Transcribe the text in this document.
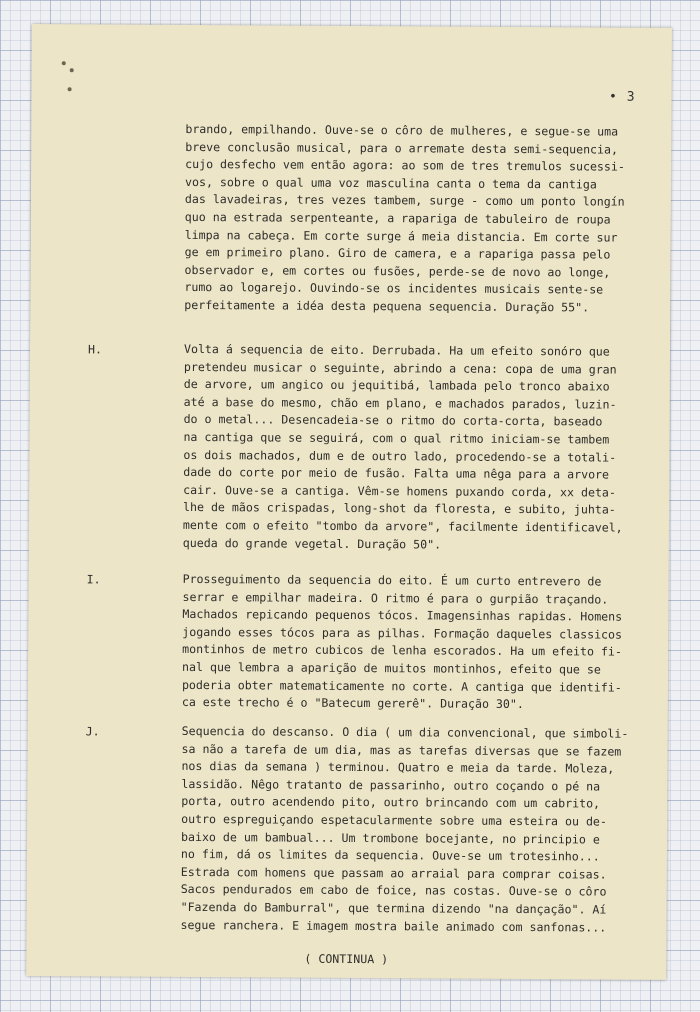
• 3
brando, empilhando. Ouve-se o côro de mulheres, e segue-se uma
breve conclusão musical, para o arremate desta semi-sequencia,
cujo desfecho vem então agora: ao som de tres tremulos sucessi-
vos, sobre o qual uma voz masculina canta o tema da cantiga
das lavadeiras, tres vezes tambem, surge - como um ponto longín
quo na estrada serpenteante, a rapariga de tabuleiro de roupa
limpa na cabeça. Em corte surge á meia distancia. Em corte sur
ge em primeiro plano. Giro de camera, e a rapariga passa pelo
observador e, em cortes ou fusões, perde-se de novo ao longe,
rumo ao logarejo. Ouvindo-se os incidentes musicais sente-se
perfeitamente a idéa desta pequena sequencia. Duração 55".
H.	Volta á sequencia de eito. Derrubada. Ha um efeito sonóro que
pretendeu musicar o seguinte, abrindo a cena: copa de uma gran
de arvore, um angico ou jequitibá, lambada pelo tronco abaixo
até a base do mesmo, chão em plano, e machados parados, luzin-
do o metal... Desencadeia-se o ritmo do corta-corta, baseado
na cantiga que se seguirá, com o qual ritmo iniciam-se tambem
os dois machados, dum e de outro lado, procedendo-se a totali-
dade do corte por meio de fusão. Falta uma nêga para a arvore
cair. Ouve-se a cantiga. Vêm-se homens puxando corda, xx deta-
lhe de mãos crispadas, long-shot da floresta, e subito, juhta-
mente com o efeito "tombo da arvore", facilmente identificavel,
queda do grande vegetal. Duração 50".
I.	Prosseguimento da sequencia do eito. É um curto entrevero de
serrar e empilhar madeira. O ritmo é para o gurpião traçando.
Machados repicando pequenos tócos. Imagensinhas rapidas. Homens
jogando esses tócos para as pilhas. Formação daqueles classicos
montinhos de metro cubicos de lenha escorados. Ha um efeito fi-
nal que lembra a aparição de muitos montinhos, efeito que se
poderia obter matematicamente no corte. A cantiga que identifi-
ca este trecho é o "Batecum gererê". Duração 30".
J.	Sequencia do descanso. O dia ( um dia convencional, que simboli-
sa não a tarefa de um dia, mas as tarefas diversas que se fazem
nos dias da semana ) terminou. Quatro e meia da tarde. Moleza,
lassidão. Nêgo tratanto de passarinho, outro coçando o pé na
porta, outro acendendo pito, outro brincando com um cabrito,
outro espreguiçando espetacularmente sobre uma esteira ou de-
baixo de um bambual... Um trombone bocejante, no principio e
no fim, dá os limites da sequencia. Ouve-se um trotesinho...
Estrada com homens que passam ao arraial para comprar coisas.
Sacos pendurados em cabo de foice, nas costas. Ouve-se o côro
"Fazenda do Bamburral", que termina dizendo "na dançação". Aí
segue ranchera. E imagem mostra baile animado com sanfonas...
( CONTINUA )
